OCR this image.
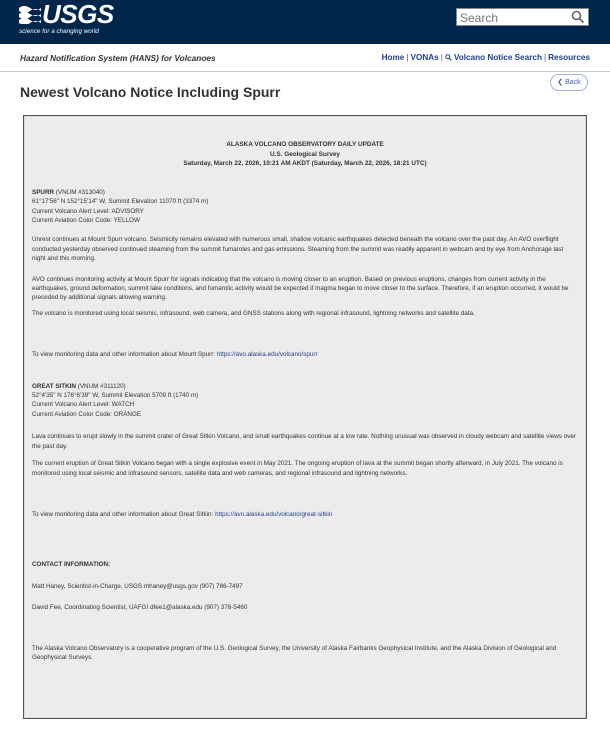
USGS
science for a changing world
Search
Hazard Notification System (HANS) for Volcanoes	Home | VONAs | Volcano Notice Search | Resources
Newest Volcano Notice Including Spurr
❮ Back
ALASKA VOLCANO OBSERVATORY DAILY UPDATE
U.S. Geological Survey
Saturday, March 22, 2026, 10:21 AM AKDT (Saturday, March 22, 2026, 18:21 UTC)
SPURR (VNUM #313040)
61°17'56" N 152°15'14" W, Summit Elevation 11070 ft (3374 m)
Current Volcano Alert Level: ADVISORY
Current Aviation Color Code: YELLOW
Unrest continues at Mount Spurr volcano. Seismicity remains elevated with numerous small, shallow volcanic earthquakes detected beneath the volcano over the past day. An AVO overflight conducted yesterday observed continued steaming from the summit fumaroles and gas emissions. Steaming from the summit was readily apparent in webcam and by eye from Anchorage last night and this morning.
AVO continues monitoring activity at Mount Spurr for signals indicating that the volcano is moving closer to an eruption. Based on previous eruptions, changes from current activity in the earthquakes, ground deformation, summit lake conditions, and fumarolic activity would be expected if magma began to move closer to the surface. Therefore, if an eruption occurred, it would be preceded by additional signals allowing warning.
The volcano is monitored using local seismic, infrasound, web camera, and GNSS stations along with regional infrasound, lightning networks and satellite data.
To view monitoring data and other information about Mount Spurr: https://avo.alaska.edu/volcano/spurr
GREAT SITKIN (VNUM #311120)
52°4'35" N 176°6'39" W, Summit Elevation 5709 ft (1740 m)
Current Volcano Alert Level: WATCH
Current Aviation Color Code: ORANGE
Lava continues to erupt slowly in the summit crater of Great Sitkin Volcano, and small earthquakes continue at a low rate. Nothing unusual was observed in cloudy webcam and satellite views over the past day.
The current eruption of Great Sitkin Volcano began with a single explosive event in May 2021. The ongoing eruption of lava at the summit began shortly afterward, in July 2021. The volcano is monitored using local seismic and infrasound sensors, satellite data and web cameras, and regional infrasound and lightning networks.
To view monitoring data and other information about Great Sitkin: https://avo.alaska.edu/volcano/great-sitkin
CONTACT INFORMATION:
Matt Haney, Scientist-in-Charge, USGS mhaney@usgs.gov (907) 786-7497
David Fee, Coordinating Scientist, UAFGI dfee1@alaska.edu (907) 378-5460
The Alaska Volcano Observatory is a cooperative program of the U.S. Geological Survey, the University of Alaska Fairbanks Geophysical Institute, and the Alaska Division of Geological and Geophysical Surveys.
